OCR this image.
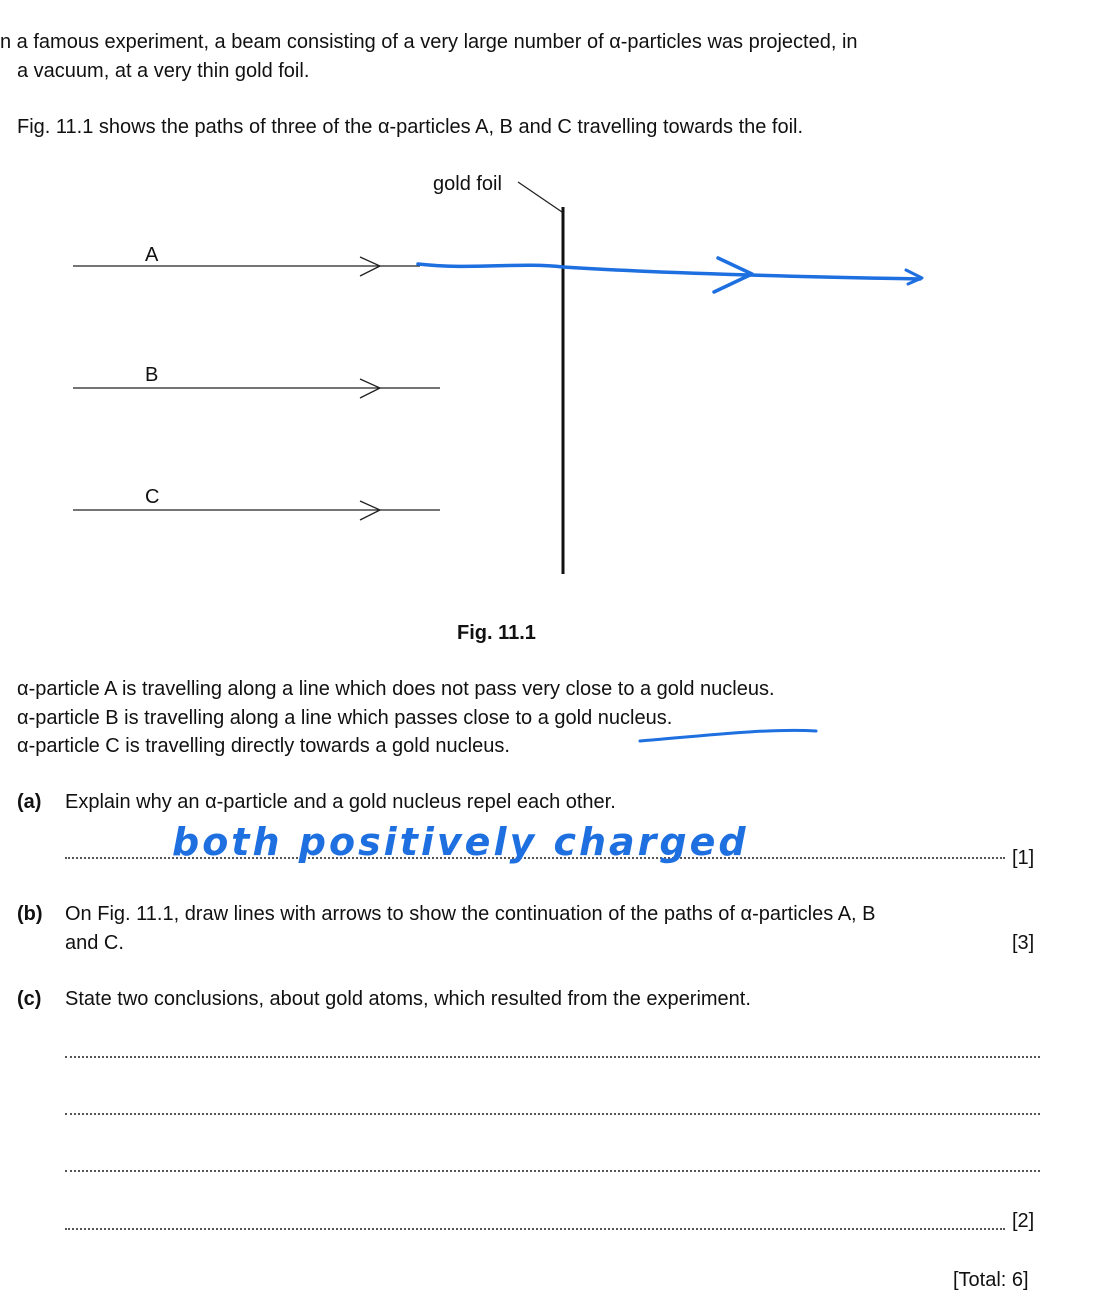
n a famous experiment, a beam consisting of a very large number of α-particles was projected, in
a vacuum, at a very thin gold foil.
Fig. 11.1 shows the paths of three of the α-particles A, B and C travelling towards the foil.
gold foil
A
B
C
Fig. 11.1
α-particle A is travelling along a line which does not pass very close to a gold nucleus.
α-particle B is travelling along a line which passes close to a gold nucleus.
α-particle C is travelling directly towards a gold nucleus.
(a) Explain why an α-particle and a gold nucleus repel each other.
both positively charged	[1]
(b) On Fig. 11.1, draw lines with arrows to show the continuation of the paths of α-particles A, B
and C.	[3]
(c) State two conclusions, about gold atoms, which resulted from the experiment.
[2]
[Total: 6]
